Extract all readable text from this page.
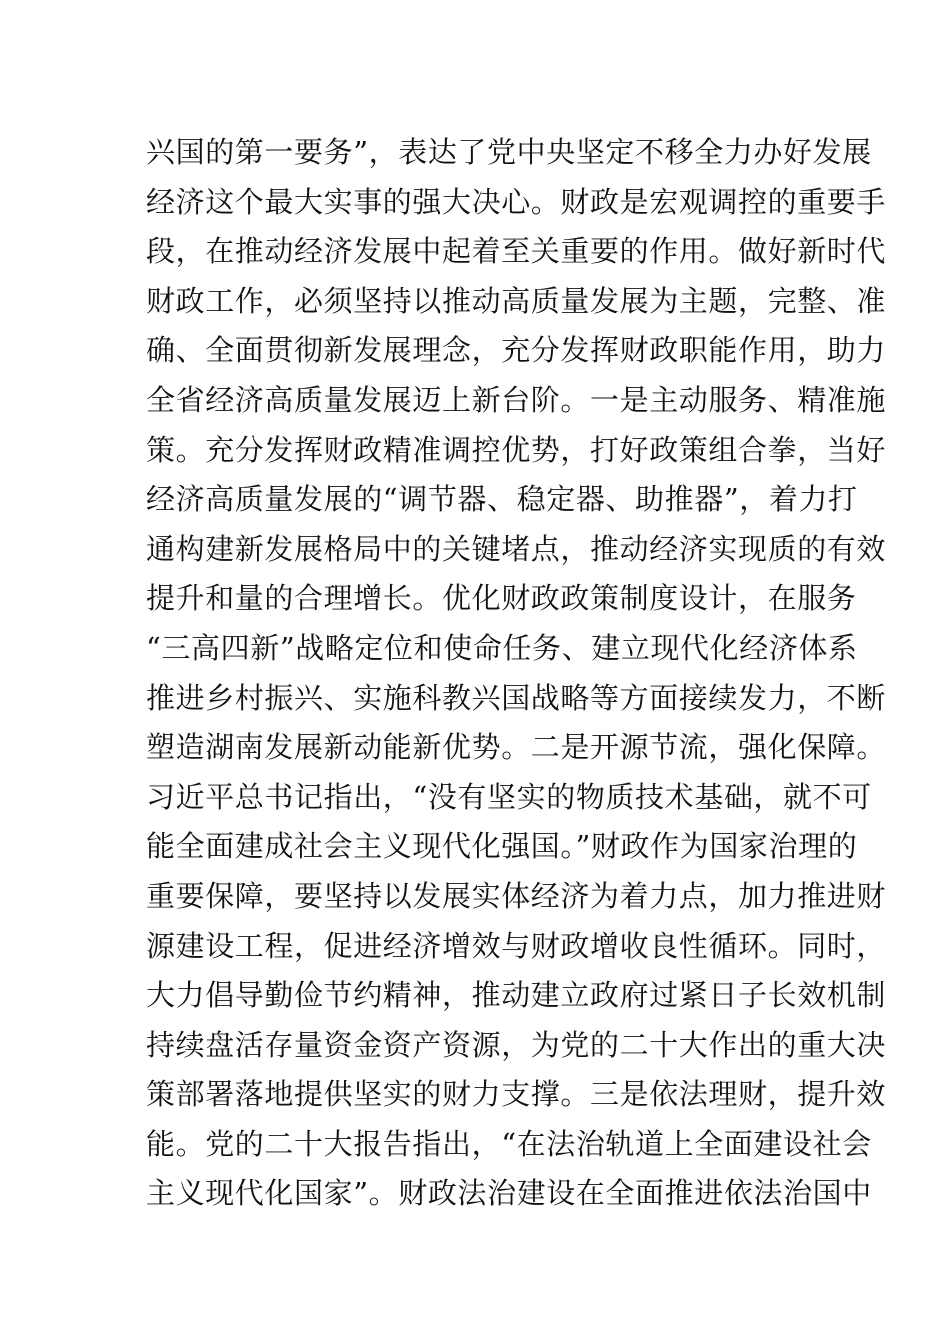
兴国的第一要务”，表达了党中央坚定不移全力办好发展
经济这个最大实事的强大决心。财政是宏观调控的重要手
段，在推动经济发展中起着至关重要的作用。做好新时代
财政工作，必须坚持以推动高质量发展为主题，完整、准
确、全面贯彻新发展理念，充分发挥财政职能作用，助力
全省经济高质量发展迈上新台阶。一是主动服务、精准施
策。充分发挥财政精准调控优势，打好政策组合拳，当好
经济高质量发展的“调节器、稳定器、助推器”，着力打
通构建新发展格局中的关键堵点，推动经济实现质的有效
提升和量的合理增长。优化财政政策制度设计，在服务
“三高四新”战略定位和使命任务、建立现代化经济体系
推进乡村振兴、实施科教兴国战略等方面接续发力，不断
塑造湖南发展新动能新优势。二是开源节流，强化保障。
习近平总书记指出，“没有坚实的物质技术基础，就不可
能全面建成社会主义现代化强国。”财政作为国家治理的
重要保障，要坚持以发展实体经济为着力点，加力推进财
源建设工程，促进经济增效与财政增收良性循环。同时，
大力倡导勤俭节约精神，推动建立政府过紧日子长效机制
持续盘活存量资金资产资源，为党的二十大作出的重大决
策部署落地提供坚实的财力支撑。三是依法理财，提升效
能。党的二十大报告指出，“在法治轨道上全面建设社会
主义现代化国家”。财政法治建设在全面推进依法治国中
